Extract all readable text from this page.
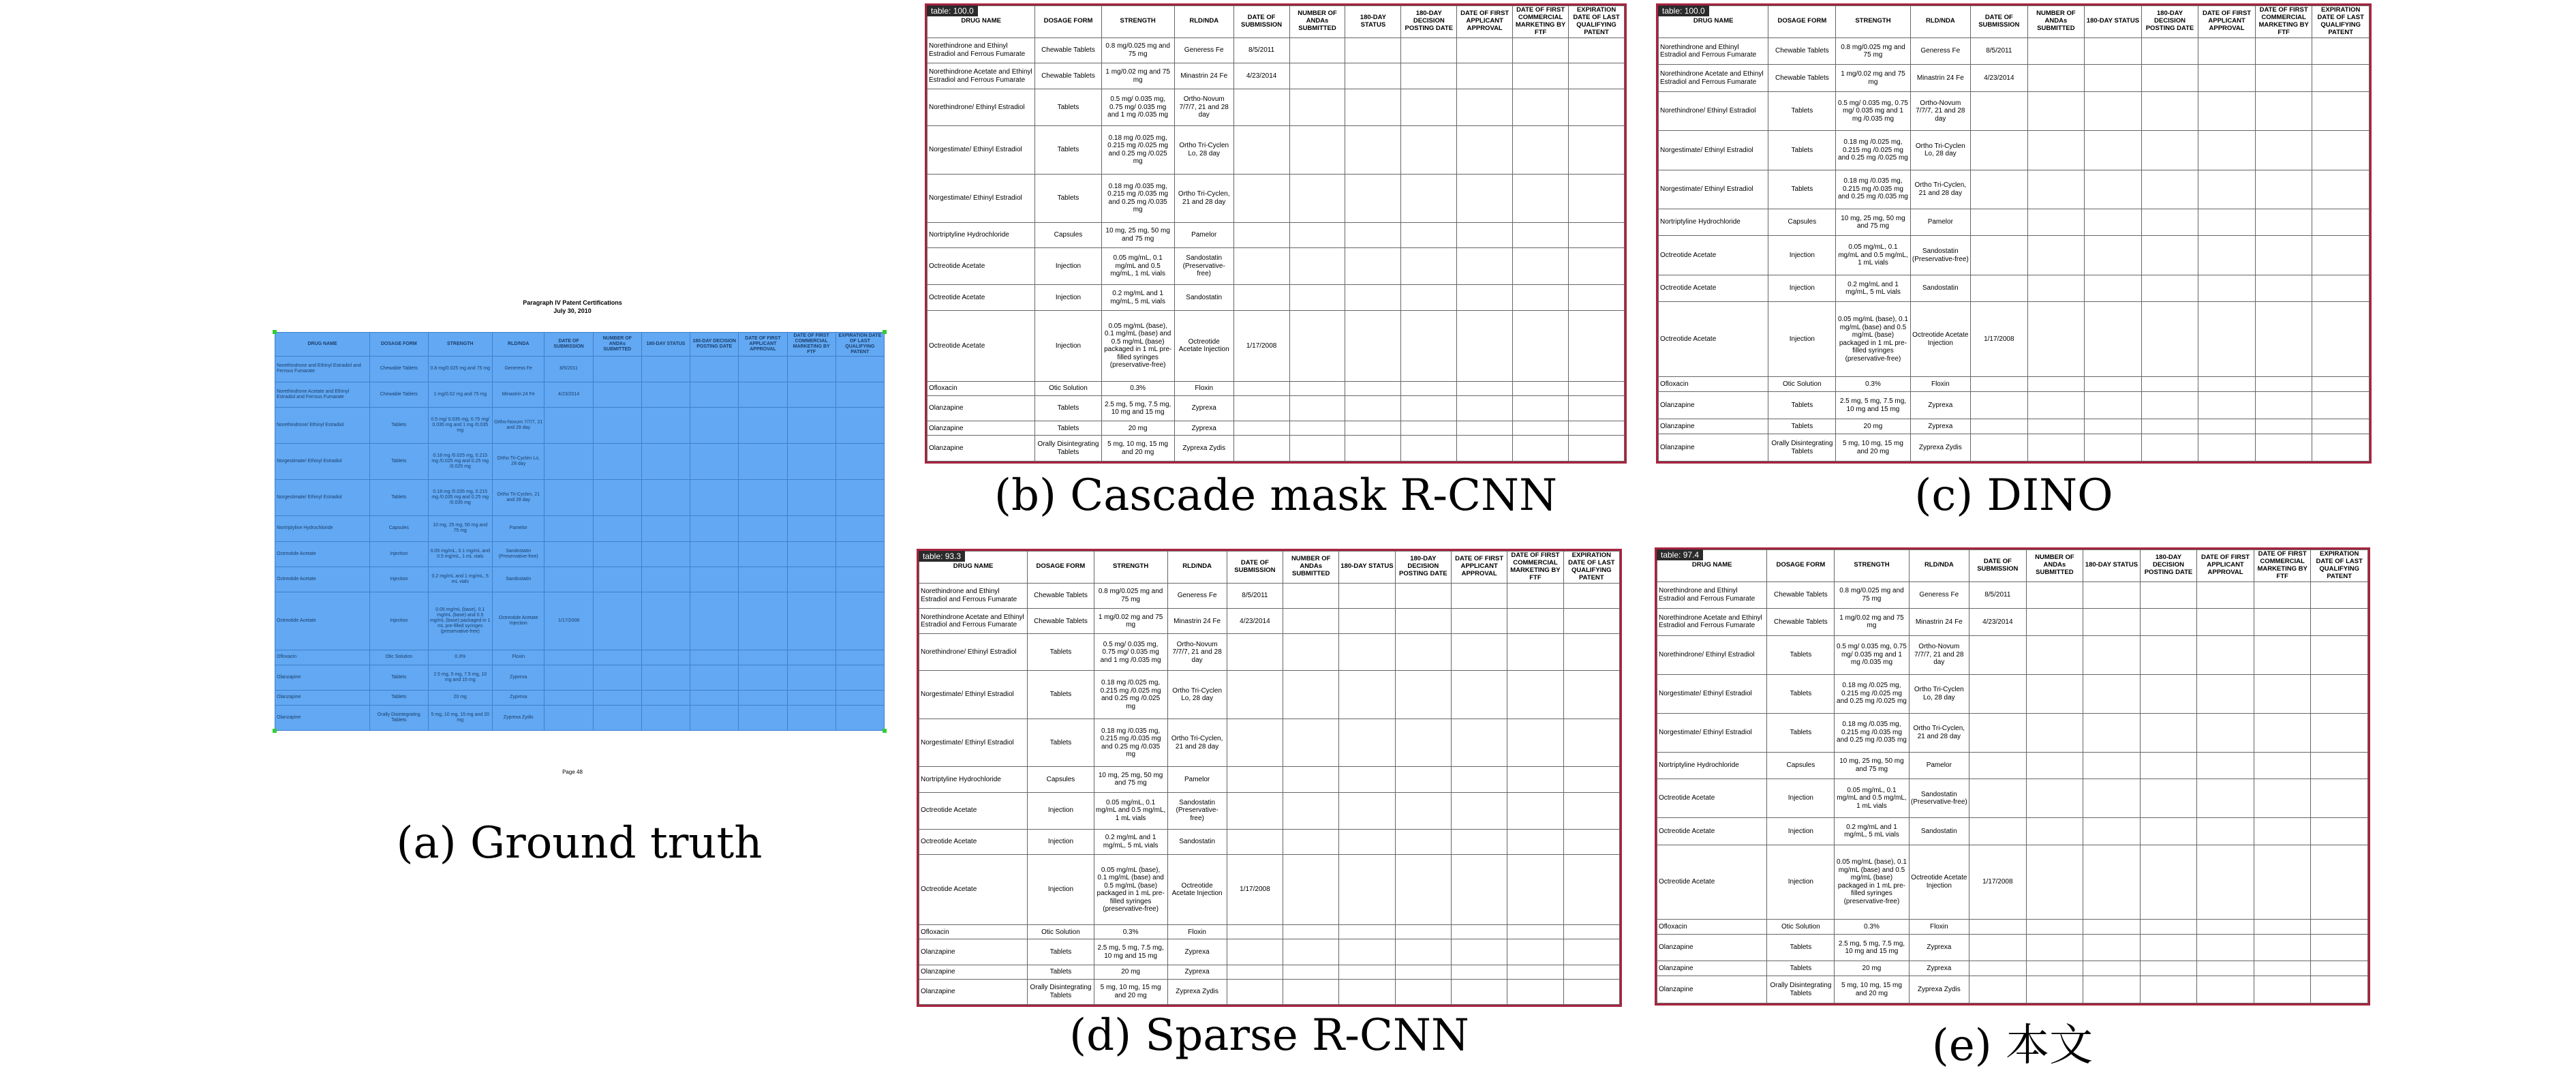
Paragraph IV Patent Certifications
July 30, 2010
DRUG NAME	DOSAGE FORM	STRENGTH	RLD/NDA	DATE OF SUBMISSION	NUMBER OF ANDAs SUBMITTED	180-DAY STATUS	180-DAY DECISION POSTING DATE	DATE OF FIRST APPLICANT APPROVAL	DATE OF FIRST COMMERCIAL MARKETING BY FTF	EXPIRATION DATE OF LAST QUALIFYING PATENT
Norethindrone and Ethinyl Estradiol and Ferrous Fumarate	Chewable Tablets	0.8 mg/0.025 mg and 75 mg	Generess Fe	8/5/2011						
Norethindrone Acetate and Ethinyl Estradiol and Ferrous Fumarate	Chewable Tablets	1 mg/0.02 mg and 75 mg	Minastrin 24 Fe	4/23/2014						
Norethindrone/ Ethinyl Estradiol	Tablets	0.5 mg/ 0.035 mg, 0.75 mg/ 0.035 mg and 1 mg /0.035 mg	Ortho-Novum 7/7/7, 21 and 28 day							
Norgestimate/ Ethinyl Estradiol	Tablets	0.18 mg /0.025 mg, 0.215 mg /0.025 mg and 0.25 mg /0.025 mg	Ortho Tri-Cyclen Lo, 28 day							
Norgestimate/ Ethinyl Estradiol	Tablets	0.18 mg /0.035 mg, 0.215 mg /0.035 mg and 0.25 mg /0.035 mg	Ortho Tri-Cyclen, 21 and 28 day							
Nortriptyline Hydrochloride	Capsules	10 mg, 25 mg, 50 mg and 75 mg	Pamelor							
Octreotide Acetate	Injection	0.05 mg/mL, 0.1 mg/mL and 0.5 mg/mL, 1 mL vials	Sandostatin (Preservative-free)							
Octreotide Acetate	Injection	0.2 mg/mL and 1 mg/mL, 5 mL vials	Sandostatin							
Octreotide Acetate	Injection	0.05 mg/mL (base), 0.1 mg/mL (base) and 0.5 mg/mL (base) packaged in 1 mL pre-filled syringes (preservative-free)	Octreotide Acetate Injection	1/17/2008						
Ofloxacin	Otic Solution	0.3%	Floxin							
Olanzapine	Tablets	2.5 mg, 5 mg, 7.5 mg, 10 mg and 15 mg	Zyprexa							
Olanzapine	Tablets	20 mg	Zyprexa							
Olanzapine	Orally Disintegrating Tablets	5 mg, 10 mg, 15 mg and 20 mg	Zyprexa Zydis							
Page 48
(a) Ground truth
table: 100.0
DRUG NAME	DOSAGE FORM	STRENGTH	RLD/NDA	DATE OF SUBMISSION	NUMBER OF ANDAs SUBMITTED	180-DAY STATUS	180-DAY DECISION POSTING DATE	DATE OF FIRST APPLICANT APPROVAL	DATE OF FIRST COMMERCIAL MARKETING BY FTF	EXPIRATION DATE OF LAST QUALIFYING PATENT
Norethindrone and Ethinyl Estradiol and Ferrous Fumarate	Chewable Tablets	0.8 mg/0.025 mg and 75 mg	Generess Fe	8/5/2011						
Norethindrone Acetate and Ethinyl Estradiol and Ferrous Fumarate	Chewable Tablets	1 mg/0.02 mg and 75 mg	Minastrin 24 Fe	4/23/2014						
Norethindrone/ Ethinyl Estradiol	Tablets	0.5 mg/ 0.035 mg, 0.75 mg/ 0.035 mg and 1 mg /0.035 mg	Ortho-Novum 7/7/7, 21 and 28 day							
Norgestimate/ Ethinyl Estradiol	Tablets	0.18 mg /0.025 mg, 0.215 mg /0.025 mg and 0.25 mg /0.025 mg	Ortho Tri-Cyclen Lo, 28 day							
Norgestimate/ Ethinyl Estradiol	Tablets	0.18 mg /0.035 mg, 0.215 mg /0.035 mg and 0.25 mg /0.035 mg	Ortho Tri-Cyclen, 21 and 28 day							
Nortriptyline Hydrochloride	Capsules	10 mg, 25 mg, 50 mg and 75 mg	Pamelor							
Octreotide Acetate	Injection	0.05 mg/mL, 0.1 mg/mL and 0.5 mg/mL, 1 mL vials	Sandostatin (Preservative-free)							
Octreotide Acetate	Injection	0.2 mg/mL and 1 mg/mL, 5 mL vials	Sandostatin							
Octreotide Acetate	Injection	0.05 mg/mL (base), 0.1 mg/mL (base) and 0.5 mg/mL (base) packaged in 1 mL pre-filled syringes (preservative-free)	Octreotide Acetate Injection	1/17/2008						
Ofloxacin	Otic Solution	0.3%	Floxin							
Olanzapine	Tablets	2.5 mg, 5 mg, 7.5 mg, 10 mg and 15 mg	Zyprexa							
Olanzapine	Tablets	20 mg	Zyprexa							
Olanzapine	Orally Disintegrating Tablets	5 mg, 10 mg, 15 mg and 20 mg	Zyprexa Zydis							
(b) Cascade mask R-CNN
table: 100.0
DRUG NAME	DOSAGE FORM	STRENGTH	RLD/NDA	DATE OF SUBMISSION	NUMBER OF ANDAs SUBMITTED	180-DAY STATUS	180-DAY DECISION POSTING DATE	DATE OF FIRST APPLICANT APPROVAL	DATE OF FIRST COMMERCIAL MARKETING BY FTF	EXPIRATION DATE OF LAST QUALIFYING PATENT
Norethindrone and Ethinyl Estradiol and Ferrous Fumarate	Chewable Tablets	0.8 mg/0.025 mg and 75 mg	Generess Fe	8/5/2011						
Norethindrone Acetate and Ethinyl Estradiol and Ferrous Fumarate	Chewable Tablets	1 mg/0.02 mg and 75 mg	Minastrin 24 Fe	4/23/2014						
Norethindrone/ Ethinyl Estradiol	Tablets	0.5 mg/ 0.035 mg, 0.75 mg/ 0.035 mg and 1 mg /0.035 mg	Ortho-Novum 7/7/7, 21 and 28 day							
Norgestimate/ Ethinyl Estradiol	Tablets	0.18 mg /0.025 mg, 0.215 mg /0.025 mg and 0.25 mg /0.025 mg	Ortho Tri-Cyclen Lo, 28 day							
Norgestimate/ Ethinyl Estradiol	Tablets	0.18 mg /0.035 mg, 0.215 mg /0.035 mg and 0.25 mg /0.035 mg	Ortho Tri-Cyclen, 21 and 28 day							
Nortriptyline Hydrochloride	Capsules	10 mg, 25 mg, 50 mg and 75 mg	Pamelor							
Octreotide Acetate	Injection	0.05 mg/mL, 0.1 mg/mL and 0.5 mg/mL, 1 mL vials	Sandostatin (Preservative-free)							
Octreotide Acetate	Injection	0.2 mg/mL and 1 mg/mL, 5 mL vials	Sandostatin							
Octreotide Acetate	Injection	0.05 mg/mL (base), 0.1 mg/mL (base) and 0.5 mg/mL (base) packaged in 1 mL pre-filled syringes (preservative-free)	Octreotide Acetate Injection	1/17/2008						
Ofloxacin	Otic Solution	0.3%	Floxin							
Olanzapine	Tablets	2.5 mg, 5 mg, 7.5 mg, 10 mg and 15 mg	Zyprexa							
Olanzapine	Tablets	20 mg	Zyprexa							
Olanzapine	Orally Disintegrating Tablets	5 mg, 10 mg, 15 mg and 20 mg	Zyprexa Zydis							
(c) DINO
table: 93.3
DRUG NAME	DOSAGE FORM	STRENGTH	RLD/NDA	DATE OF SUBMISSION	NUMBER OF ANDAs SUBMITTED	180-DAY STATUS	180-DAY DECISION POSTING DATE	DATE OF FIRST APPLICANT APPROVAL	DATE OF FIRST COMMERCIAL MARKETING BY FTF	EXPIRATION DATE OF LAST QUALIFYING PATENT
Norethindrone and Ethinyl Estradiol and Ferrous Fumarate	Chewable Tablets	0.8 mg/0.025 mg and 75 mg	Generess Fe	8/5/2011						
Norethindrone Acetate and Ethinyl Estradiol and Ferrous Fumarate	Chewable Tablets	1 mg/0.02 mg and 75 mg	Minastrin 24 Fe	4/23/2014						
Norethindrone/ Ethinyl Estradiol	Tablets	0.5 mg/ 0.035 mg, 0.75 mg/ 0.035 mg and 1 mg /0.035 mg	Ortho-Novum 7/7/7, 21 and 28 day							
Norgestimate/ Ethinyl Estradiol	Tablets	0.18 mg /0.025 mg, 0.215 mg /0.025 mg and 0.25 mg /0.025 mg	Ortho Tri-Cyclen Lo, 28 day							
Norgestimate/ Ethinyl Estradiol	Tablets	0.18 mg /0.035 mg, 0.215 mg /0.035 mg and 0.25 mg /0.035 mg	Ortho Tri-Cyclen, 21 and 28 day							
Nortriptyline Hydrochloride	Capsules	10 mg, 25 mg, 50 mg and 75 mg	Pamelor							
Octreotide Acetate	Injection	0.05 mg/mL, 0.1 mg/mL and 0.5 mg/mL, 1 mL vials	Sandostatin (Preservative-free)							
Octreotide Acetate	Injection	0.2 mg/mL and 1 mg/mL, 5 mL vials	Sandostatin							
Octreotide Acetate	Injection	0.05 mg/mL (base), 0.1 mg/mL (base) and 0.5 mg/mL (base) packaged in 1 mL pre-filled syringes (preservative-free)	Octreotide Acetate Injection	1/17/2008						
Ofloxacin	Otic Solution	0.3%	Floxin							
Olanzapine	Tablets	2.5 mg, 5 mg, 7.5 mg, 10 mg and 15 mg	Zyprexa							
Olanzapine	Tablets	20 mg	Zyprexa							
Olanzapine	Orally Disintegrating Tablets	5 mg, 10 mg, 15 mg and 20 mg	Zyprexa Zydis							
(d) Sparse R-CNN
table: 97.4
DRUG NAME	DOSAGE FORM	STRENGTH	RLD/NDA	DATE OF SUBMISSION	NUMBER OF ANDAs SUBMITTED	180-DAY STATUS	180-DAY DECISION POSTING DATE	DATE OF FIRST APPLICANT APPROVAL	DATE OF FIRST COMMERCIAL MARKETING BY FTF	EXPIRATION DATE OF LAST QUALIFYING PATENT
Norethindrone and Ethinyl Estradiol and Ferrous Fumarate	Chewable Tablets	0.8 mg/0.025 mg and 75 mg	Generess Fe	8/5/2011						
Norethindrone Acetate and Ethinyl Estradiol and Ferrous Fumarate	Chewable Tablets	1 mg/0.02 mg and 75 mg	Minastrin 24 Fe	4/23/2014						
Norethindrone/ Ethinyl Estradiol	Tablets	0.5 mg/ 0.035 mg, 0.75 mg/ 0.035 mg and 1 mg /0.035 mg	Ortho-Novum 7/7/7, 21 and 28 day							
Norgestimate/ Ethinyl Estradiol	Tablets	0.18 mg /0.025 mg, 0.215 mg /0.025 mg and 0.25 mg /0.025 mg	Ortho Tri-Cyclen Lo, 28 day							
Norgestimate/ Ethinyl Estradiol	Tablets	0.18 mg /0.035 mg, 0.215 mg /0.035 mg and 0.25 mg /0.035 mg	Ortho Tri-Cyclen, 21 and 28 day							
Nortriptyline Hydrochloride	Capsules	10 mg, 25 mg, 50 mg and 75 mg	Pamelor							
Octreotide Acetate	Injection	0.05 mg/mL, 0.1 mg/mL and 0.5 mg/mL, 1 mL vials	Sandostatin (Preservative-free)							
Octreotide Acetate	Injection	0.2 mg/mL and 1 mg/mL, 5 mL vials	Sandostatin							
Octreotide Acetate	Injection	0.05 mg/mL (base), 0.1 mg/mL (base) and 0.5 mg/mL (base) packaged in 1 mL pre-filled syringes (preservative-free)	Octreotide Acetate Injection	1/17/2008						
Ofloxacin	Otic Solution	0.3%	Floxin							
Olanzapine	Tablets	2.5 mg, 5 mg, 7.5 mg, 10 mg and 15 mg	Zyprexa							
Olanzapine	Tablets	20 mg	Zyprexa							
Olanzapine	Orally Disintegrating Tablets	5 mg, 10 mg, 15 mg and 20 mg	Zyprexa Zydis							
(e) 本文
